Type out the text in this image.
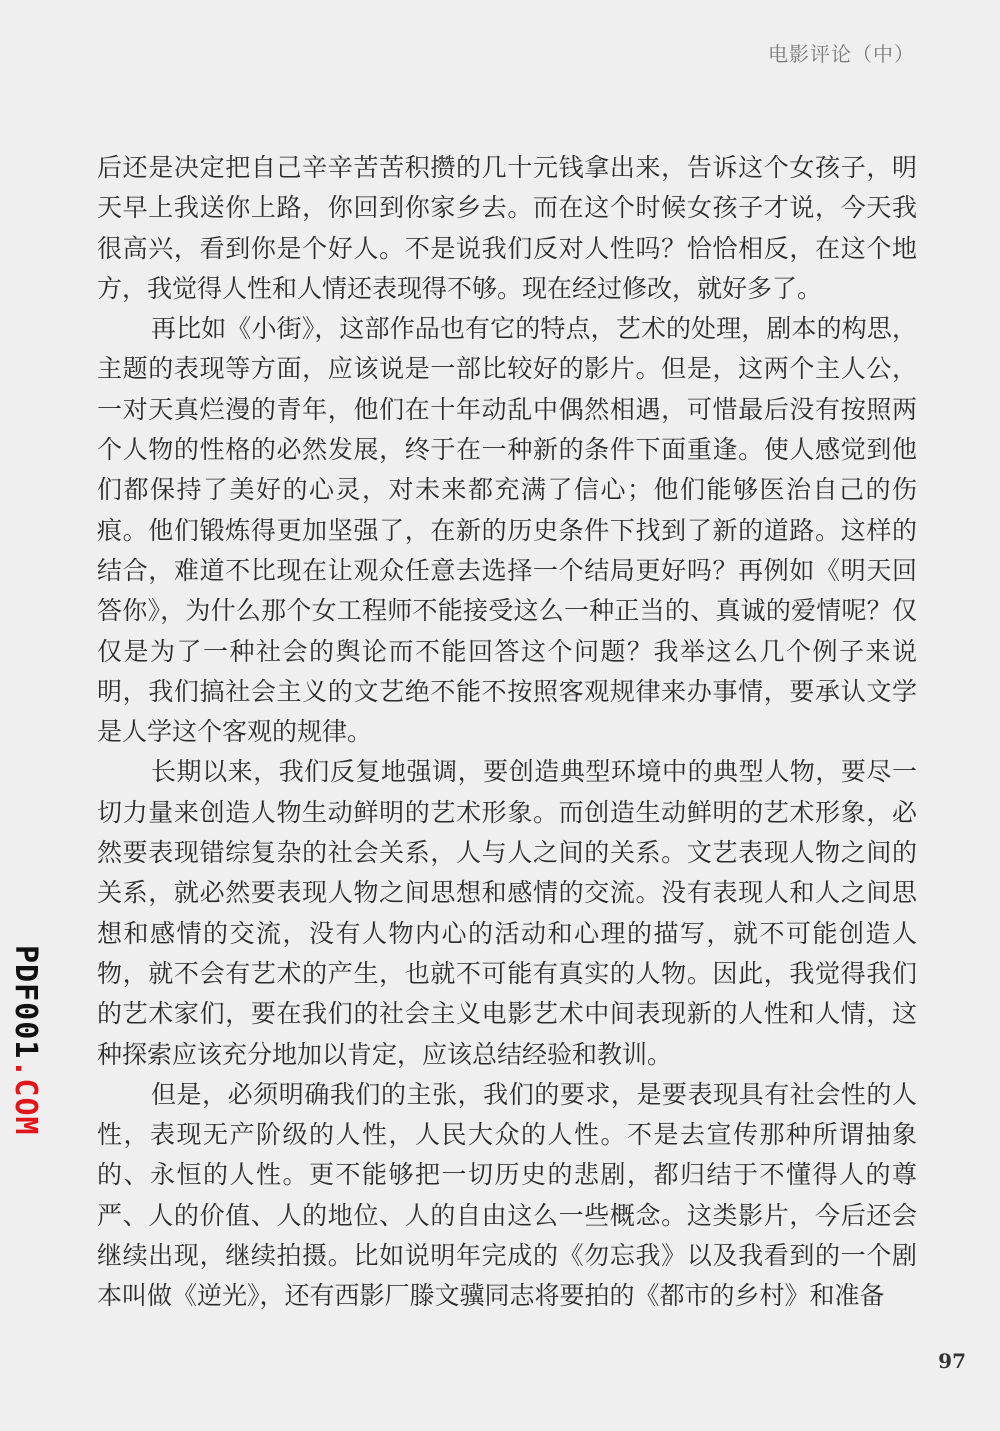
电影评论（中）

后还是决定把自己辛辛苦苦积攒的几十元钱拿出来，告诉这个女孩子，明天早上我送你上路，你回到你家乡去。而在这个时候女孩子才说，今天我很高兴，看到你是个好人。不是说我们反对人性吗？恰恰相反，在这个地方，我觉得人性和人情还表现得不够。现在经过修改，就好多了。

再比如《小街》，这部作品也有它的特点，艺术的处理，剧本的构思，主题的表现等方面，应该说是一部比较好的影片。但是，这两个主人公，一对天真烂漫的青年，他们在十年动乱中偶然相遇，可惜最后没有按照两个人物的性格的必然发展，终于在一种新的条件下面重逢。使人感觉到他们都保持了美好的心灵，对未来都充满了信心；他们能够医治自己的伤痕。他们锻炼得更加坚强了，在新的历史条件下找到了新的道路。这样的结合，难道不比现在让观众任意去选择一个结局更好吗？再例如《明天回答你》，为什么那个女工程师不能接受这么一种正当的、真诚的爱情呢？仅仅是为了一种社会的舆论而不能回答这个问题？我举这么几个例子来说明，我们搞社会主义的文艺绝不能不按照客观规律来办事情，要承认文学是人学这个客观的规律。

长期以来，我们反复地强调，要创造典型环境中的典型人物，要尽一切力量来创造人物生动鲜明的艺术形象。而创造生动鲜明的艺术形象，必然要表现错综复杂的社会关系，人与人之间的关系。文艺表现人物之间的关系，就必然要表现人物之间思想和感情的交流。没有表现人和人之间思想和感情的交流，没有人物内心的活动和心理的描写，就不可能创造人物，就不会有艺术的产生，也就不可能有真实的人物。因此，我觉得我们的艺术家们，要在我们的社会主义电影艺术中间表现新的人性和人情，这种探索应该充分地加以肯定，应该总结经验和教训。

但是，必须明确我们的主张，我们的要求，是要表现具有社会性的人性，表现无产阶级的人性，人民大众的人性。不是去宣传那种所谓抽象的、永恒的人性。更不能够把一切历史的悲剧，都归结于不懂得人的尊严、人的价值、人的地位、人的自由这么一些概念。这类影片，今后还会继续出现，继续拍摄。比如说明年完成的《勿忘我》以及我看到的一个剧本叫做《逆光》，还有西影厂滕文骥同志将要拍的《都市的乡村》和准备

PDF001.COM
97
